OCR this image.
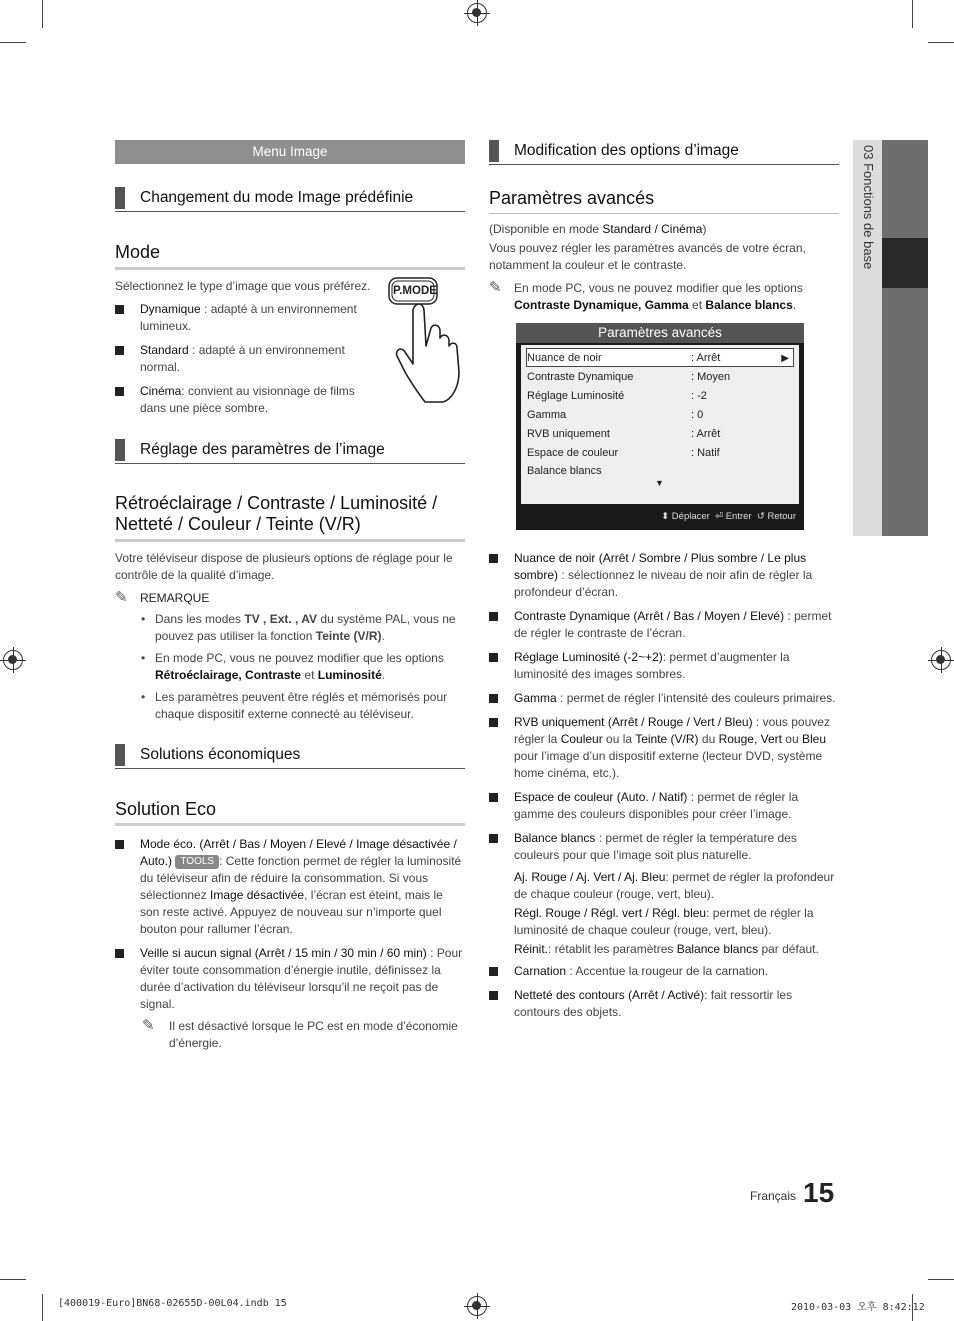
03 Fonctions de base
Menu Image
Changement du mode Image prédéfinie
Mode
Sélectionnez le type d’image que vous préférez.
Dynamique : adapté à un environnement lumineux.
Standard : adapté à un environnement normal.
Cinéma: convient au visionnage de films dans une pièce sombre.
P.MODE
Réglage des paramètres de l’image
Rétroéclairage / Contraste / Luminosité / Netteté / Couleur / Teinte (V/R)
Votre téléviseur dispose de plusieurs options de réglage pour le contrôle de la qualité d’image.
✎ REMARQUE
• Dans les modes TV , Ext. , AV du système PAL, vous ne pouvez pas utiliser la fonction Teinte (V/R).
• En mode PC, vous ne pouvez modifier que les options Rétroéclairage, Contraste et Luminosité.
• Les paramètres peuvent être réglés et mémorisés pour chaque dispositif externe connecté au téléviseur.
Solutions économiques
Solution Eco
Mode éco. (Arrêt / Bas / Moyen / Elevé / Image désactivée / Auto.) TOOLS : Cette fonction permet de régler la luminosité du téléviseur afin de réduire la consommation. Si vous sélectionnez Image désactivée, l’écran est éteint, mais le son reste activé. Appuyez de nouveau sur n’importe quel bouton pour rallumer l’écran.
Veille si aucun signal (Arrêt / 15 min / 30 min / 60 min) : Pour éviter toute consommation d’énergie inutile, définissez la durée d’activation du téléviseur lorsqu’il ne reçoit pas de signal.
✎ Il est désactivé lorsque le PC est en mode d’économie d’énergie.
Modification des options d’image
Paramètres avancés
(Disponible en mode Standard / Cinéma)
Vous pouvez régler les paramètres avancés de votre écran, notamment la couleur et le contraste.
✎ En mode PC, vous ne pouvez modifier que les options Contraste Dynamique, Gamma et Balance blancs.
Paramètres avancés
Nuance de noir	: Arrêt	▶
Contraste Dynamique	: Moyen
Réglage Luminosité	: -2
Gamma	: 0
RVB uniquement	: Arrêt
Espace de couleur	: Natif
Balance blancs
▼
⬍ Déplacer ⏎ Entrer ↺ Retour
Nuance de noir (Arrêt / Sombre / Plus sombre / Le plus sombre) : sélectionnez le niveau de noir afin de régler la profondeur d’écran.
Contraste Dynamique (Arrêt / Bas / Moyen / Elevé) : permet de régler le contraste de l’écran.
Réglage Luminosité (-2~+2): permet d’augmenter la luminosité des images sombres.
Gamma : permet de régler l’intensité des couleurs primaires.
RVB uniquement (Arrêt / Rouge / Vert / Bleu) : vous pouvez régler la Couleur ou la Teinte (V/R) du Rouge, Vert ou Bleu pour l’image d’un dispositif externe (lecteur DVD, système home cinéma, etc.).
Espace de couleur (Auto. / Natif) : permet de régler la gamme des couleurs disponibles pour créer l’image.
Balance blancs : permet de régler la température des couleurs pour que l’image soit plus naturelle.
Aj. Rouge / Aj. Vert / Aj. Bleu: permet de régler la profondeur de chaque couleur (rouge, vert, bleu).
Régl. Rouge / Régl. vert / Régl. bleu: permet de régler la luminosité de chaque couleur (rouge, vert, bleu).
Réinit.: rétablit les paramètres Balance blancs par défaut.
Carnation : Accentue la rougeur de la carnation.
Netteté des contours (Arrêt / Activé): fait ressortir les contours des objets.
Français 15
[400019-Euro]BN68-02655D-00L04.indb 15	2010-03-03 오후 8:42:12
